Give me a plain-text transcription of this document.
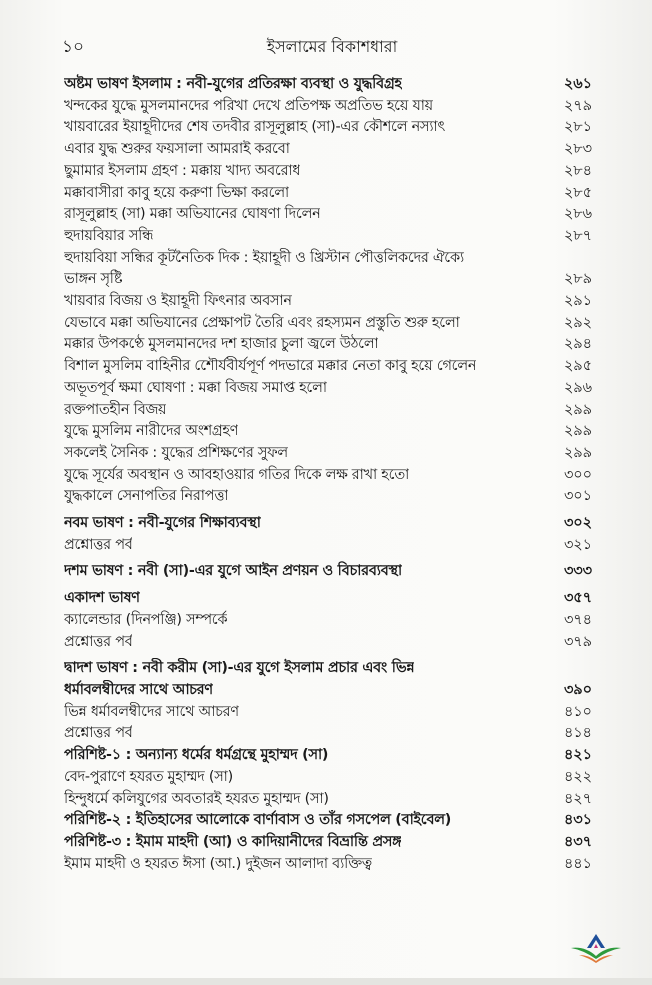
১০	ইসলামের বিকাশধারা
অষ্টম ভাষণ ইসলাম : নবী-যুগের প্রতিরক্ষা ব্যবস্থা ও যুদ্ধবিগ্রহ	২৬১
খন্দকের যুদ্ধে মুসলমানদের পরিখা দেখে প্রতিপক্ষ অপ্রতিভ হয়ে যায়	২৭৯
খায়বারের ইয়াহূদীদের শেষ তদবীর রাসূলুল্লাহ (সা)-এর কৌশলে নস্যাৎ	২৮১
এবার যুদ্ধ শুরুর ফয়সালা আমরাই করবো	২৮৩
ছুমামার ইসলাম গ্রহণ : মক্কায় খাদ্য অবরোধ	২৮৪
মক্কাবাসীরা কাবু হয়ে করুণা ভিক্ষা করলো	২৮৫
রাসূলুল্লাহ (সা) মক্কা অভিযানের ঘোষণা দিলেন	২৮৬
হুদায়বিয়ার সন্ধি	২৮৭
হুদায়বিয়া সন্ধির কূটনৈতিক দিক : ইয়াহূদী ও খ্রিস্টান পৌত্তলিকদের ঐক্যে
ভাঙ্গন সৃষ্টি	২৮৯
খায়বার বিজয় ও ইয়াহূদী ফিৎনার অবসান	২৯১
যেভাবে মক্কা অভিযানের প্রেক্ষাপট তৈরি এবং রহস্যমন প্রস্তুতি শুরু হলো	২৯২
মক্কার উপকণ্ঠে মুসলমানদের দশ হাজার চুলা জ্বলে উঠলো	২৯৪
বিশাল মুসলিম বাহিনীর শেৌর্যবীর্যপূর্ণ পদভারে মক্কার নেতা কাবু হয়ে গেলেন	২৯৫
অভূতপূর্ব ক্ষমা ঘোষণা : মক্কা বিজয় সমাপ্ত হলো	২৯৬
রক্তপাতহীন বিজয়	২৯৯
যুদ্ধে মুসলিম নারীদের অংশগ্রহণ	২৯৯
সকলেই সৈনিক : যুদ্ধের প্রশিক্ষণের সুফল	২৯৯
যুদ্ধে সূর্যের অবস্থান ও আবহাওয়ার গতির দিকে লক্ষ রাখা হতো	৩০০
যুদ্ধকালে সেনাপতির নিরাপত্তা	৩০১
নবম ভাষণ : নবী-যুগের শিক্ষাব্যবস্থা	৩০২
প্রশ্নোত্তর পর্ব	৩২১
দশম ভাষণ : নবী (সা)-এর যুগে আইন প্রণয়ন ও বিচারব্যবস্থা	৩৩৩
একাদশ ভাষণ	৩৫৭
ক্যালেন্ডার (দিনপঞ্জি) সম্পর্কে	৩৭৪
প্রশ্নোত্তর পর্ব	৩৭৯
দ্বাদশ ভাষণ : নবী করীম (সা)-এর যুগে ইসলাম প্রচার এবং ভিন্ন
ধর্মাবলম্বীদের সাথে আচরণ	৩৯০
ভিন্ন ধর্মাবলম্বীদের সাথে আচরণ	৪১০
প্রশ্নোত্তর পর্ব	৪১৪
পরিশিষ্ট-১ : অন্যান্য ধর্মের ধর্মগ্রন্থে মুহাম্মদ (সা)	৪২১
বেদ-পুরাণে হযরত মুহাম্মদ (সা)	৪২২
হিন্দুধর্মে কলিযুগের অবতারই হযরত মুহাম্মদ (সা)	৪২৭
পরিশিষ্ট-২ : ইতিহাসের আলোকে বার্ণাবাস ও তাঁর গসপেল (বাইবেল)	৪৩১
পরিশিষ্ট-৩ : ইমাম মাহদী (আ) ও কাদিয়ানীদের বিভ্রান্তি প্রসঙ্গ	৪৩৭
ইমাম মাহদী ও হযরত ঈসা (আ.) দুইজন আলাদা ব্যক্তিত্ব	৪৪১
